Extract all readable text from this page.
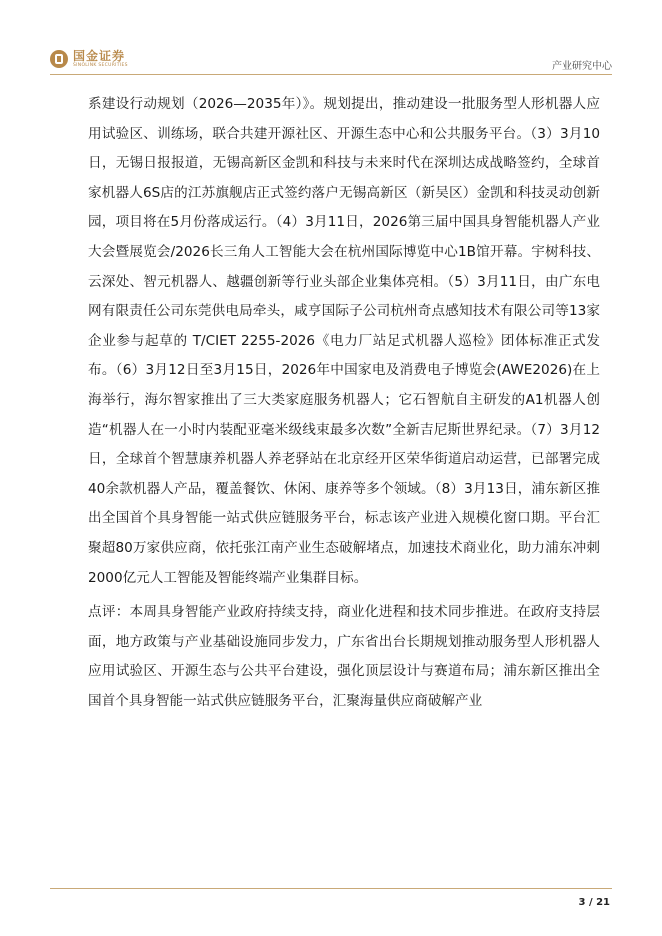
国金证券
SINOLINK SECURITIES	产业研究中心

系建设行动规划（2026—2035年）》。规划提出，推动建设一批服务型人形机器人应用试验区、训练场，联合共建开源社区、开源生态中心和公共服务平台。（3）3月10日，无锡日报报道，无锡高新区金凯和科技与未来时代在深圳达成战略签约，全球首家机器人6S店的江苏旗舰店正式签约落户无锡高新区（新吴区）金凯和科技灵动创新园，项目将在5月份落成运行。（4）3月11日，2026第三届中国具身智能机器人产业大会暨展览会/2026长三角人工智能大会在杭州国际博览中心1B馆开幕。宇树科技、云深处、智元机器人、越疆创新等行业头部企业集体亮相。（5）3月11日，由广东电网有限责任公司东莞供电局牵头，咸亨国际子公司杭州奇点感知技术有限公司等13家企业参与起草的 T/CIET 2255-2026《电力厂站足式机器人巡检》团体标准正式发布。（6）3月12日至3月15日，2026年中国家电及消费电子博览会(AWE2026)在上海举行，海尔智家推出了三大类家庭服务机器人；它石智航自主研发的A1机器人创造“机器人在一小时内装配亚毫米级线束最多次数”全新吉尼斯世界纪录。（7）3月12日，全球首个智慧康养机器人养老驿站在北京经开区荣华街道启动运营，已部署完成40余款机器人产品，覆盖餐饮、休闲、康养等多个领域。（8）3月13日，浦东新区推出全国首个具身智能一站式供应链服务平台，标志该产业进入规模化窗口期。平台汇聚超80万家供应商，依托张江南产业生态破解堵点，加速技术商业化，助力浦东冲刺2000亿元人工智能及智能终端产业集群目标。

点评：本周具身智能产业政府持续支持，商业化进程和技术同步推进。在政府支持层面，地方政策与产业基础设施同步发力，广东省出台长期规划推动服务型人形机器人应用试验区、开源生态与公共平台建设，强化顶层设计与赛道布局；浦东新区推出全国首个具身智能一站式供应链服务平台，汇聚海量供应商破解产业

3 / 21
